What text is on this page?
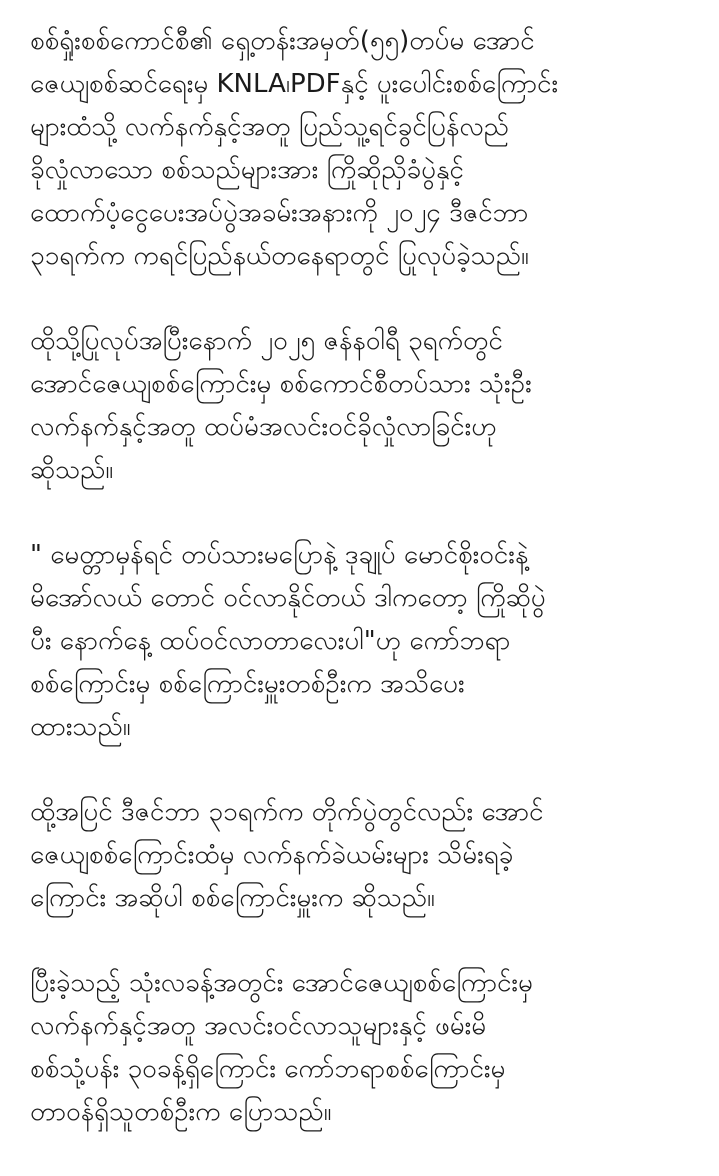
စစ်ရှုံးစစ်ကောင်စီ၏ ရှေ့တန်းအမှတ်(၅၅)တပ်မ အောင်
ဇေယျစစ်ဆင်ရေးမှ KNLA၊PDFနှင့် ပူးပေါင်းစစ်ကြောင်း
များထံသို့ လက်နက်နှင့်အတူ ပြည်သူ့ရင်ခွင်ပြန်လည်
ခိုလှုံလာသော စစ်သည်များအား ကြိုဆိုညှိခံပွဲနှင့်
ထောက်ပံ့ငွေပေးအပ်ပွဲအခမ်းအနားကို ၂၀၂၄ ဒီဇင်ဘာ
၃၁ရက်က ကရင်ပြည်နယ်တနေရာတွင် ပြုလုပ်ခဲ့သည်။

ထိုသို့ပြုလုပ်အပြီးနောက် ၂၀၂၅ ဇန်နဝါရီ ၃ရက်တွင်
အောင်ဇေယျစစ်ကြောင်းမှ စစ်ကောင်စီတပ်သား သုံးဦး
လက်နက်နှင့်အတူ ထပ်မံအလင်းဝင်ခိုလှုံလာခြင်းဟု
ဆိုသည်။

" မေတ္တာမှန်ရင် တပ်သားမပြောနဲ့ ဒုချုပ် မောင်စိုးဝင်းနဲ့
မိအော်လယ် တောင် ဝင်လာနိုင်တယ် ဒါကတော့ ကြိုဆိုပွဲ
ပီး နောက်နေ့ ထပ်ဝင်လာတာလေးပါ"ဟု ကော်ဘရာ
စစ်ကြောင်းမှ စစ်ကြောင်းမှူးတစ်ဦးက အသိပေး
ထားသည်။

ထို့အပြင် ဒီဇင်ဘာ ၃၁ရက်က တိုက်ပွဲတွင်လည်း အောင်
ဇေယျစစ်ကြောင်းထံမှ လက်နက်ခဲယမ်းများ သိမ်းရခဲ့
ကြောင်း အဆိုပါ စစ်ကြောင်းမှူးက ဆိုသည်။

ပြီးခဲ့သည့် သုံးလခန့်အတွင်း အောင်ဇေယျစစ်ကြောင်းမှ
လက်နက်နှင့်အတူ အလင်းဝင်လာသူများနှင့် ဖမ်းမိ
စစ်သုံ့ပန်း ၃၀ခန့်ရှိကြောင်း ကော်ဘရာစစ်ကြောင်းမှ
တာဝန်ရှိသူတစ်ဦးက ပြောသည်။
